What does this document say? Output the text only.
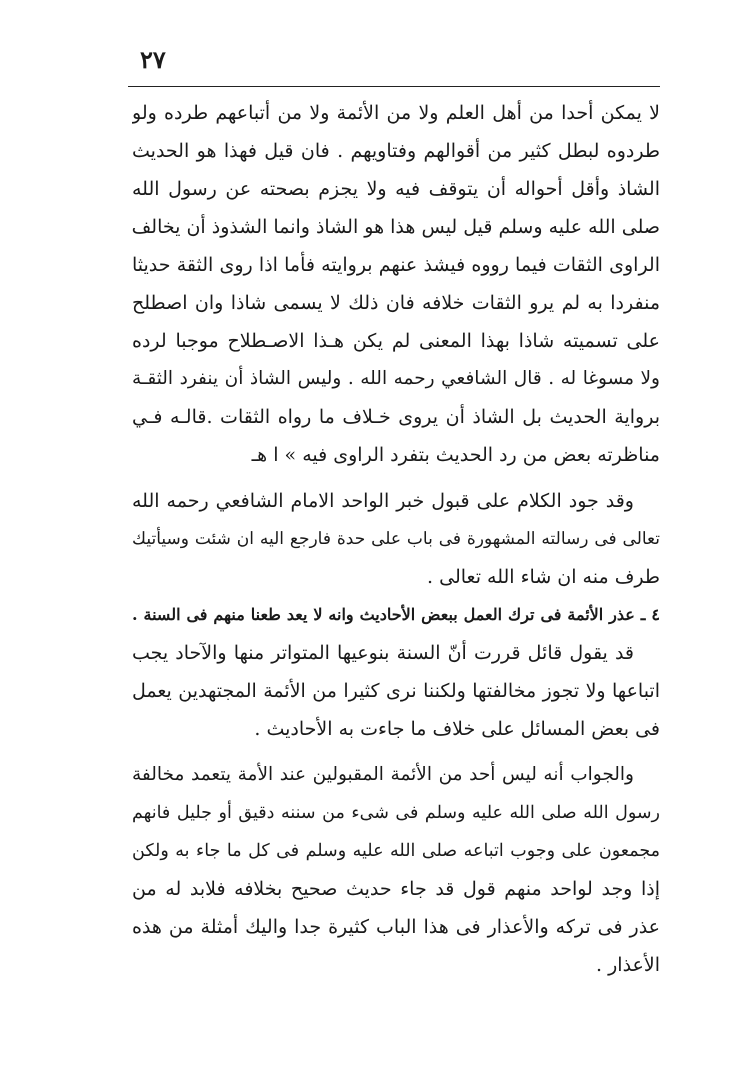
٢٧
لا يمكن أحدا من أهل العلم ولا من الأئمة ولا من أتباعهم طرده ولو
طردوه لبطل كثير من أقوالهم وفتاويهم . فان قيل فهذا هو الحديث
الشاذ وأقل أحواله أن يتوقف فيه ولا يجزم بصحته عن رسول الله
صلى الله عليه وسلم قيل ليس هذا هو الشاذ وانما الشذوذ أن يخالف
الراوى الثقات فيما رووه فيشذ عنهم بروايته فأما اذا روى الثقة حديثا
منفردا به لم يرو الثقات خلافه فان ذلك لا يسمى شاذا وان اصطلح
على تسميته شاذا بهذا المعنى لم يكن هـذا الاصـطلاح موجبا لرده
ولا مسوغا له . قال الشافعي رحمه الله . وليس الشاذ أن ينفرد الثقـة
برواية الحديث بل الشاذ أن يروى خـلاف ما رواه الثقات .قالـه فـي
مناظرته بعض من رد الحديث بتفرد الراوى فيه » ا هـ
وقد جود الكلام على قبول خبر الواحد الامام الشافعي رحمه الله
تعالى فى رسالته المشهورة فى باب على حدة فارجع اليه ان شئت وسيأتيك
طرف منه ان شاء الله تعالى .
٤ ـ عذر الأئمة فى ترك العمل ببعض الأحاديث وانه لا يعد طعنا منهم فى السنة .
قد يقول قائل قررت أنّ السنة بنوعيها المتواتر منها والآحاد يجب
اتباعها ولا تجوز مخالفتها ولكننا نرى كثيرا من الأئمة المجتهدين يعمل
فى بعض المسائل على خلاف ما جاءت به الأحاديث .
والجواب أنه ليس أحد من الأئمة المقبولين عند الأمة يتعمد مخالفة
رسول الله صلى الله عليه وسلم فى شىء من سننه دقيق أو جليل فانهم
مجمعون على وجوب اتباعه صلى الله عليه وسلم فى كل ما جاء به ولكن
إذا وجد لواحد منهم قول قد جاء حديث صحيح بخلافه فلابد له من
عذر فى تركه والأعذار فى هذا الباب كثيرة جدا واليك أمثلة من هذه
الأعذار .
